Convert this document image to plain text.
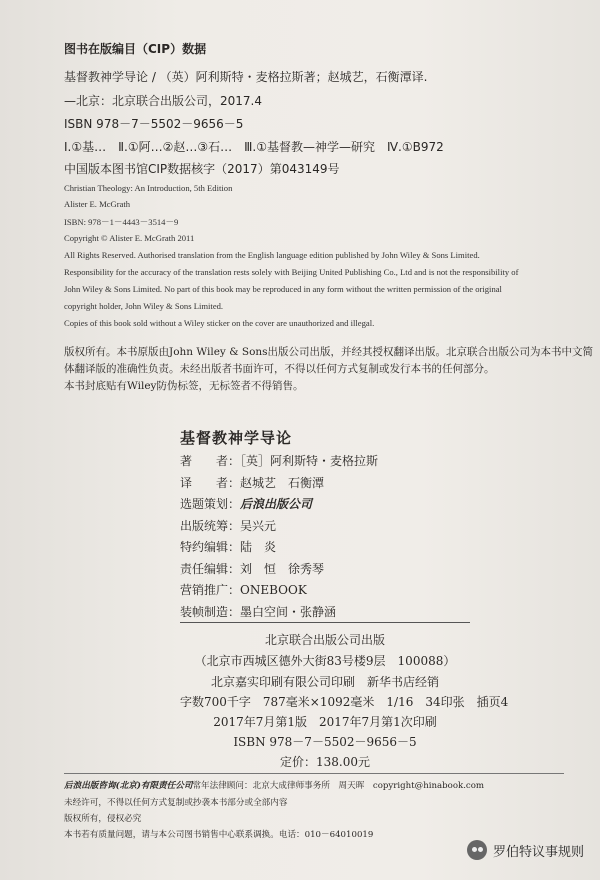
图书在版编目（CIP）数据
基督教神学导论 / （英）阿利斯特・麦格拉斯著；赵城艺，石衡潭译.
—北京：北京联合出版公司，2017.4
ISBN 978－7－5502－9656－5
Ⅰ.①基…　Ⅱ.①阿…②赵…③石…　Ⅲ.①基督教—神学—研究　Ⅳ.①B972
中国版本图书馆CIP数据核字（2017）第043149号
Christian Theology: An Introduction, 5th Edition
Alister E. McGrath
ISBN: 978－1－4443－3514－9
Copyright © Alister E. McGrath 2011
All Rights Reserved. Authorised translation from the English language edition published by John Wiley & Sons Limited.
Responsibility for the accuracy of the translation rests solely with Beijing United Publishing Co., Ltd and is not the responsibility of
John Wiley & Sons Limited. No part of this book may be reproduced in any form without the written permission of the original
copyright holder, John Wiley & Sons Limited.
Copies of this book sold without a Wiley sticker on the cover are unauthorized and illegal.
版权所有。本书原版由John Wiley & Sons出版公司出版，并经其授权翻译出版。北京联合出版公司为本书中文简
体翻译版的准确性负责。未经出版者书面许可，不得以任何方式复制或发行本书的任何部分。
本书封底贴有Wiley防伪标签，无标签者不得销售。
基督教神学导论
著　　者：［英］阿利斯特・麦格拉斯
译　　者：赵城艺　石衡潭
选题策划：后浪出版公司
出版统筹：吴兴元
特约编辑：陆　炎
责任编辑：刘　恒　徐秀琴
营销推广：ONEBOOK
装帧制造：墨白空间・张静涵
北京联合出版公司出版
（北京市西城区德外大街83号楼9层　100088）
北京嘉实印刷有限公司印刷　新华书店经销
字数700千字　787毫米×1092毫米　1/16　34印张　插页4
2017年7月第1版　2017年7月第1次印刷
ISBN 978－7－5502－9656－5
定价：138.00元
后浪出版咨询(北京)有限责任公司常年法律顾问：北京大成律师事务所　周天晖　copyright@hinabook.com
未经许可，不得以任何方式复制或抄袭本书部分或全部内容
版权所有，侵权必究
本书若有质量问题，请与本公司图书销售中心联系调换。电话：010－64010019
罗伯特议事规则
